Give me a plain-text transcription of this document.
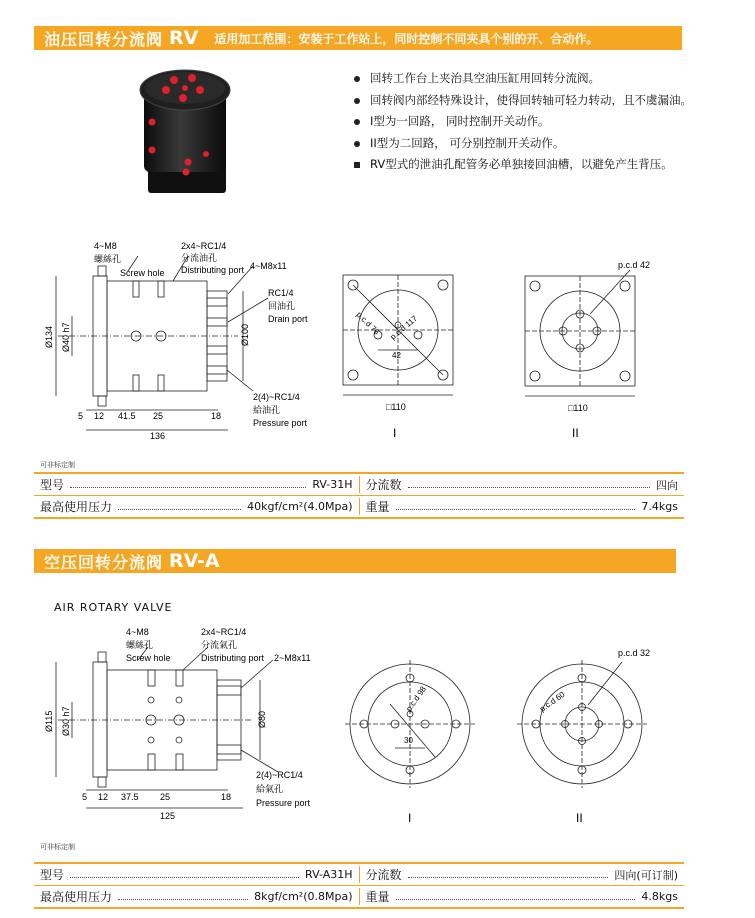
油压回转分流阀 RV 适用加工范围：安装于工作站上，同时控制不同夹具个别的开、合动作。
回转工作台上夹治具空油压缸用回转分流阀。
回转阀内部经特殊设计，使得回转轴可轻力转动，且不虞漏油。
I型为一回路， 同时控制开关动作。
II型为二回路， 可分别控制开关动作。
RV型式的泄油孔配管务必单独接回油槽，以避免产生背压。
4~M8
螺絲孔
Screw hole
2x4~RC1/4
分流油孔
Distributing port 4~M8x11
RC1/4
回油孔
Drain port
2(4)~RC1/4
給油孔
Pressure port
Ø134 Ø40 h7	Ø100
5 12 41.5 25	18
136
p.c.d 76 p.c.d 117
42
□110
I
p.c.d 42
□110
II
可非标定制
型号	RV-31H 分流数	四向
最高使用压力	40kgf/cm²(4.0Mpa) 重量	7.4kgs
空压回转分流阀 RV-A
AIR ROTARY VALVE
4~M8
螺絲孔
Screw hole
2x4~RC1/4
分流氣孔
Distributing port 2~M8x11
2(4)~RC1/4
給氣孔
Pressure port
Ø115 Ø30 h7	Ø80
5 12 37.5 25	18
125
p.c.d 98
30
I
p.c.d 32
p.c.d 60
II
可非标定制
型号	RV-A31H 分流数	四向(可订制)
最高使用压力	8kgf/cm²(0.8Mpa) 重量	4.8kgs
